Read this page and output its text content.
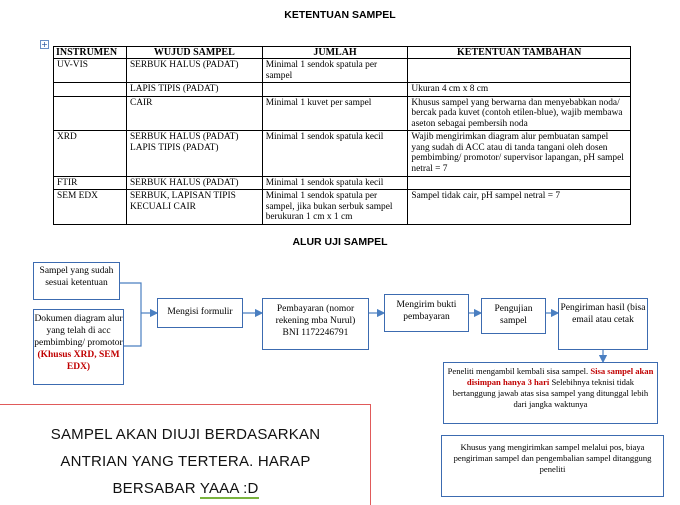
KETENTUAN SAMPEL
+
INSTRUMEN	WUJUD SAMPEL	JUMLAH	KETENTUAN TAMBAHAN
UV-VIS	SERBUK HALUS (PADAT)	Minimal 1 sendok spatula per sampel	
	LAPIS TIPIS (PADAT)		Ukuran 4 cm x 8 cm
	CAIR	Minimal 1 kuvet per sampel	Khusus sampel yang berwarna dan menyebabkan noda/ bercak pada kuvet (contoh etilen-blue), wajib membawa aseton sebagai pembersih noda
XRD	SERBUK HALUS (PADAT) LAPIS TIPIS (PADAT)	Minimal 1 sendok spatula kecil	Wajib mengirimkan diagram alur pembuatan sampel yang sudah di ACC atau di tanda tangani oleh dosen pembimbing/ promotor/ supervisor lapangan, pH sampel netral = 7
FTIR	SERBUK HALUS (PADAT)	Minimal 1 sendok spatula kecil	
SEM EDX	SERBUK, LAPISAN TIPIS KECUALI CAIR	Minimal 1 sendok spatula per sampel, jika bukan serbuk sampel berukuran 1 cm x 1 cm	Sampel tidak cair, pH sampel netral = 7
ALUR UJI SAMPEL
Sampel yang sudah sesuai ketentuan
Dokumen diagram alur yang telah di acc pembimbing/ promotor (Khusus XRD, SEM EDX)
Mengisi formulir	Pembayaran (nomor rekening mba Nurul)
BNI 1172246791
Mengirim bukti pembayaran
Pengujian sampel
Pengiriman hasil (bisa email atau cetak
Peneliti mengambil kembali sisa sampel. Sisa sampel akan disimpan hanya 3 hari Selebihnya teknisi tidak bertanggung jawab atas sisa sampel yang ditunggal lebih dari jangka waktunya
Khusus yang mengirimkan sampel melalui pos, biaya pengiriman sampel dan pengembalian sampel ditanggung peneliti
SAMPEL AKAN DIUJI BERDASARKAN
ANTRIAN YANG TERTERA. HARAP
BERSABAR YAAA :D
